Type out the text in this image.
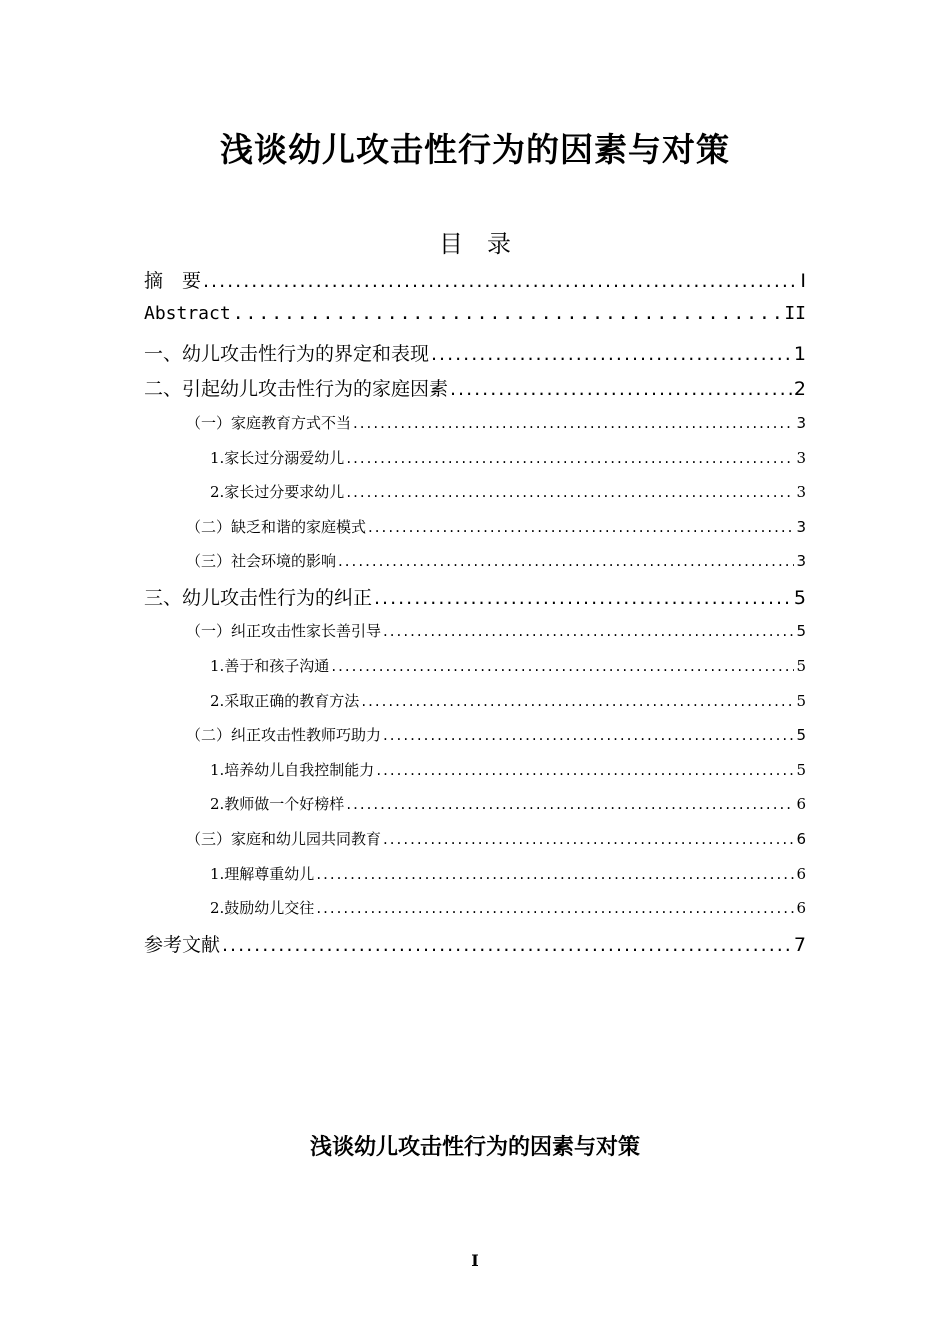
浅谈幼儿攻击性行为的因素与对策
目　录
摘　要 .....	I
Abstract .....	II
一、幼儿攻击性行为的界定和表现 .....	1
二、引起幼儿攻击性行为的家庭因素 .....	2
（一）家庭教育方式不当 .....	3
1.家长过分溺爱幼儿 .....	3
2.家长过分要求幼儿 .....	3
（二）缺乏和谐的家庭模式 .....	3
（三）社会环境的影响 .....	3
三、幼儿攻击性行为的纠正 .....	5
（一）纠正攻击性家长善引导 .....	5
1.善于和孩子沟通 .....	5
2.采取正确的教育方法 .....	5
（二）纠正攻击性教师巧助力 .....	5
1.培养幼儿自我控制能力 .....	5
2.教师做一个好榜样 .....	6
（三）家庭和幼儿园共同教育 .....	6
1.理解尊重幼儿 .....	6
2.鼓励幼儿交往 .....	6
参考文献 .....	7
浅谈幼儿攻击性行为的因素与对策
I
